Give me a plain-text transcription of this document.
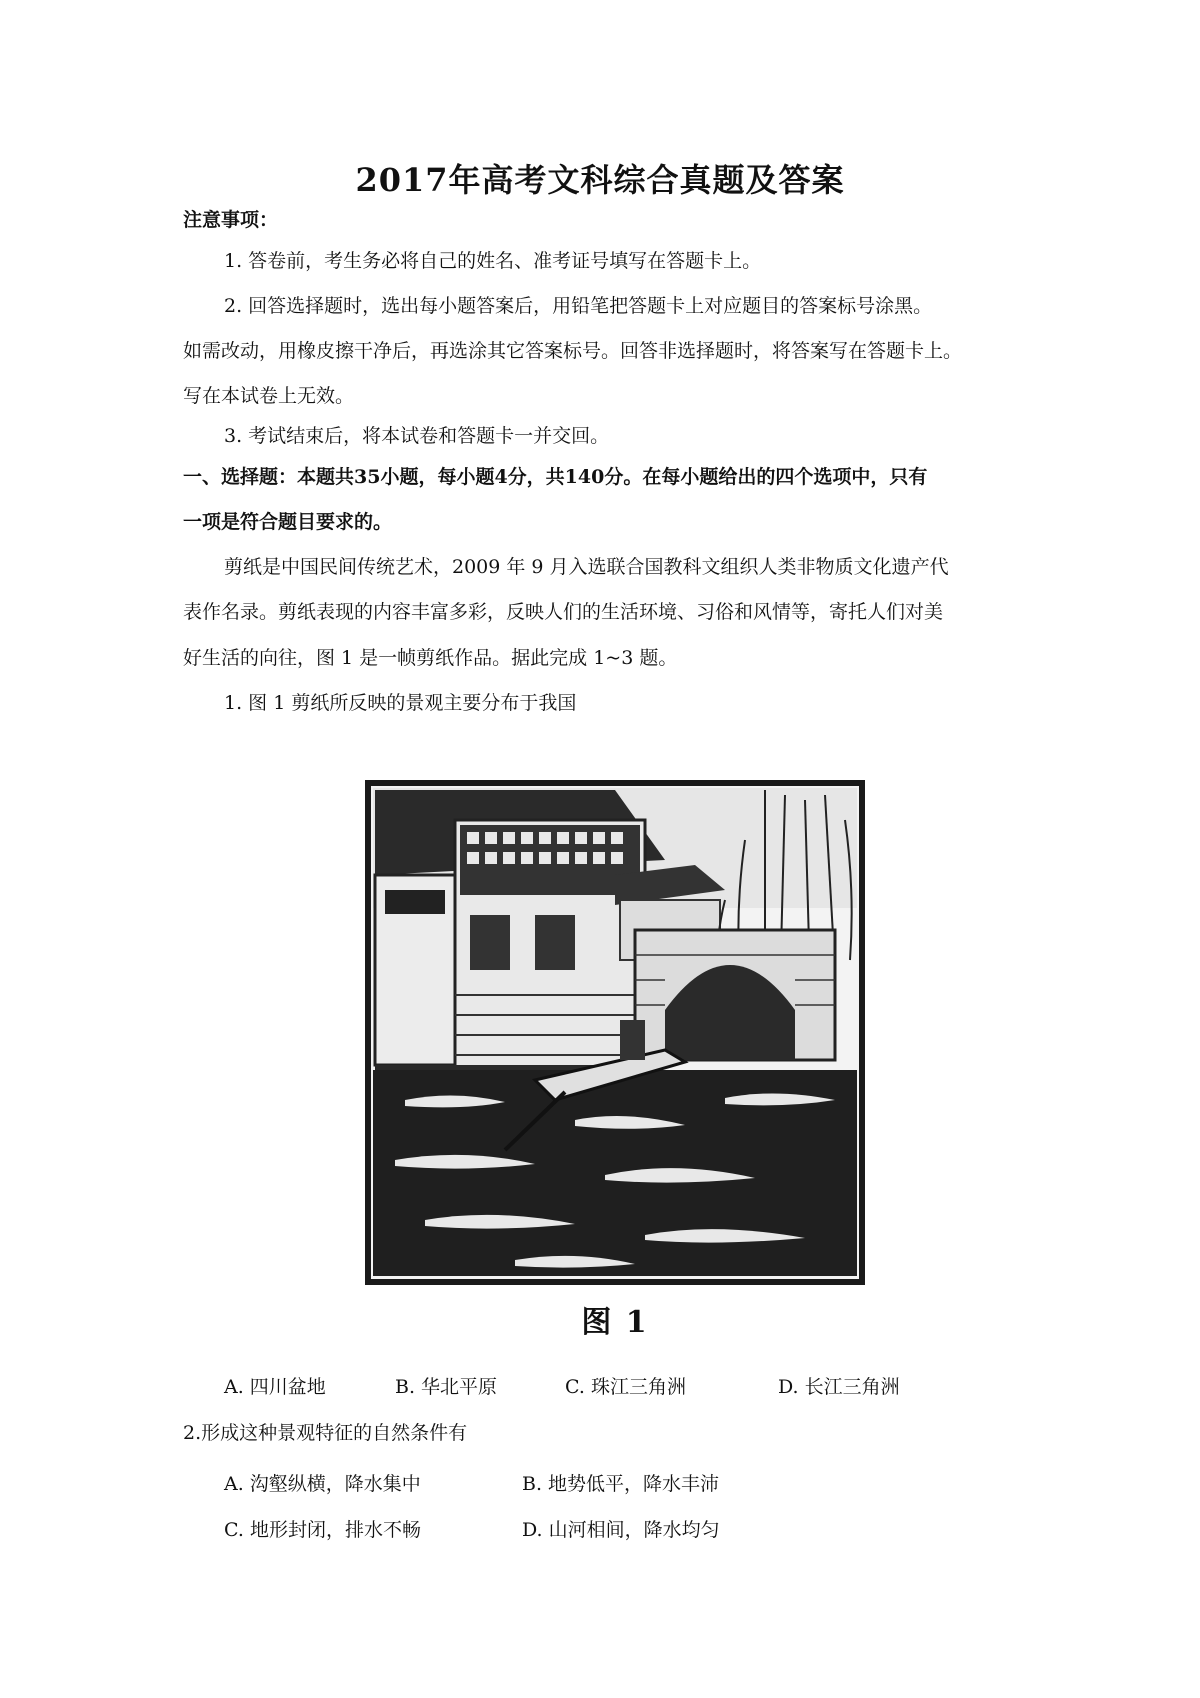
2017年高考文科综合真题及答案
注意事项：
1. 答卷前，考生务必将自己的姓名、准考证号填写在答题卡上。
2. 回答选择题时，选出每小题答案后，用铅笔把答题卡上对应题目的答案标号涂黑。
如需改动，用橡皮擦干净后，再选涂其它答案标号。回答非选择题时，将答案写在答题卡上。
写在本试卷上无效。
3. 考试结束后，将本试卷和答题卡一并交回。
一、选择题：本题共35小题，每小题4分，共140分。在每小题给出的四个选项中，只有
一项是符合题目要求的。
剪纸是中国民间传统艺术，2009 年 9 月入选联合国教科文组织人类非物质文化遗产代
表作名录。剪纸表现的内容丰富多彩，反映人们的生活环境、习俗和风情等，寄托人们对美
好生活的向往，图 1 是一帧剪纸作品。据此完成 1~3 题。
1. 图 1 剪纸所反映的景观主要分布于我国
图 1
A. 四川盆地	B. 华北平原	C. 珠江三角洲	D. 长江三角洲
2.形成这种景观特征的自然条件有
A. 沟壑纵横，降水集中	B. 地势低平，降水丰沛
C. 地形封闭，排水不畅	D. 山河相间，降水均匀
